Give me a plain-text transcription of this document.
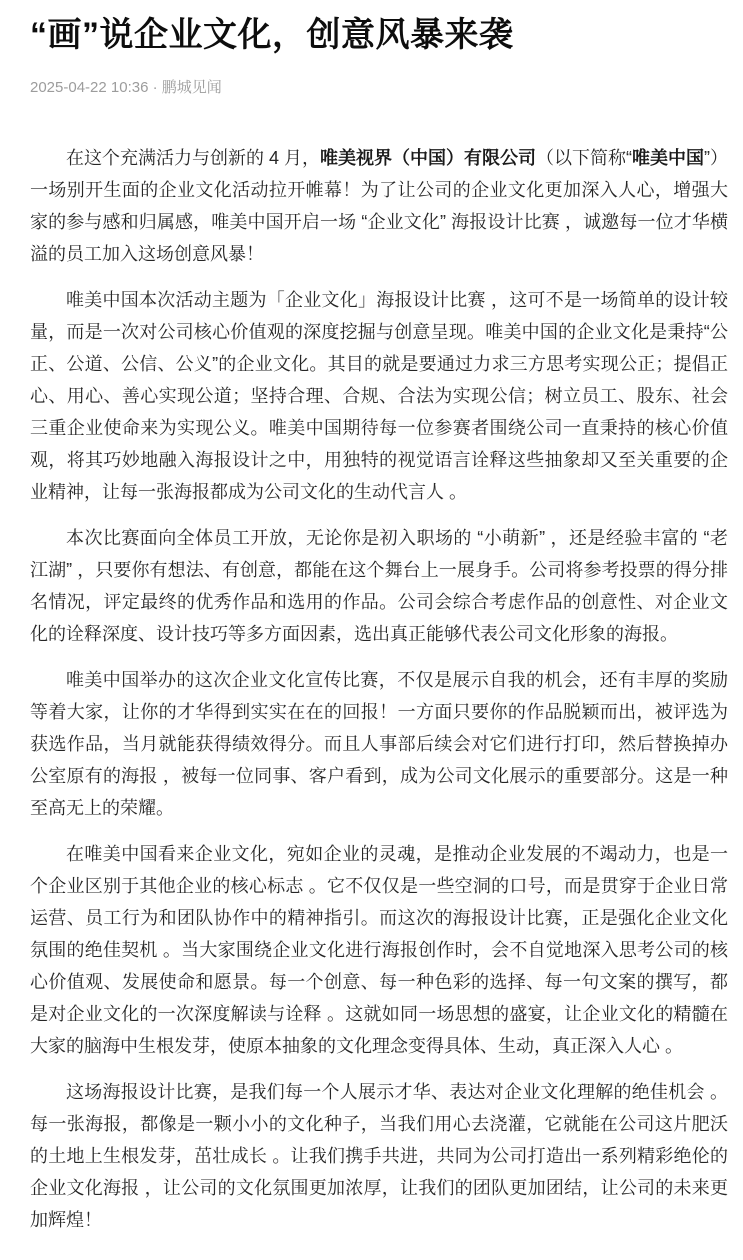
“画”说企业文化，创意风暴来袭
2025-04-22 10:36 · 鹏城见闻

在这个充满活力与创新的 4 月，唯美视界（中国）有限公司（以下简称“唯美中国”）一场别开生面的企业文化活动拉开帷幕！为了让公司的企业文化更加深入人心，增强大家的参与感和归属感，唯美中国开启一场 “企业文化” 海报设计比赛 ，诚邀每一位才华横溢的员工加入这场创意风暴！

唯美中国本次活动主题为「企业文化」海报设计比赛 ，这可不是一场简单的设计较量，而是一次对公司核心价值观的深度挖掘与创意呈现。唯美中国的企业文化是秉持“公正、公道、公信、公义”的企业文化。其目的就是要通过力求三方思考实现公正；提倡正心、用心、善心实现公道；坚持合理、合规、合法为实现公信；树立员工、股东、社会三重企业使命来为实现公义。唯美中国期待每一位参赛者围绕公司一直秉持的核心价值观，将其巧妙地融入海报设计之中，用独特的视觉语言诠释这些抽象却又至关重要的企业精神，让每一张海报都成为公司文化的生动代言人 。

本次比赛面向全体员工开放，无论你是初入职场的 “小萌新” ，还是经验丰富的 “老江湖” ，只要你有想法、有创意，都能在这个舞台上一展身手。公司将参考投票的得分排名情况，评定最终的优秀作品和选用的作品。公司会综合考虑作品的创意性、对企业文化的诠释深度、设计技巧等多方面因素，选出真正能够代表公司文化形象的海报。

唯美中国举办的这次企业文化宣传比赛，不仅是展示自我的机会，还有丰厚的奖励等着大家，让你的才华得到实实在在的回报！一方面只要你的作品脱颖而出，被评选为获选作品，当月就能获得绩效得分。而且人事部后续会对它们进行打印，然后替换掉办公室原有的海报 ，被每一位同事、客户看到，成为公司文化展示的重要部分。这是一种至高无上的荣耀。

在唯美中国看来企业文化，宛如企业的灵魂，是推动企业发展的不竭动力，也是一个企业区别于其他企业的核心标志 。它不仅仅是一些空洞的口号，而是贯穿于企业日常运营、员工行为和团队协作中的精神指引。而这次的海报设计比赛，正是强化企业文化氛围的绝佳契机 。当大家围绕企业文化进行海报创作时，会不自觉地深入思考公司的核心价值观、发展使命和愿景。每一个创意、每一种色彩的选择、每一句文案的撰写，都是对企业文化的一次深度解读与诠释 。这就如同一场思想的盛宴，让企业文化的精髓在大家的脑海中生根发芽，使原本抽象的文化理念变得具体、生动，真正深入人心 。

这场海报设计比赛，是我们每一个人展示才华、表达对企业文化理解的绝佳机会 。每一张海报，都像是一颗小小的文化种子，当我们用心去浇灌，它就能在公司这片肥沃的土地上生根发芽，茁壮成长 。让我们携手共进，共同为公司打造出一系列精彩绝伦的企业文化海报 ，让公司的文化氛围更加浓厚，让我们的团队更加团结，让公司的未来更加辉煌！
